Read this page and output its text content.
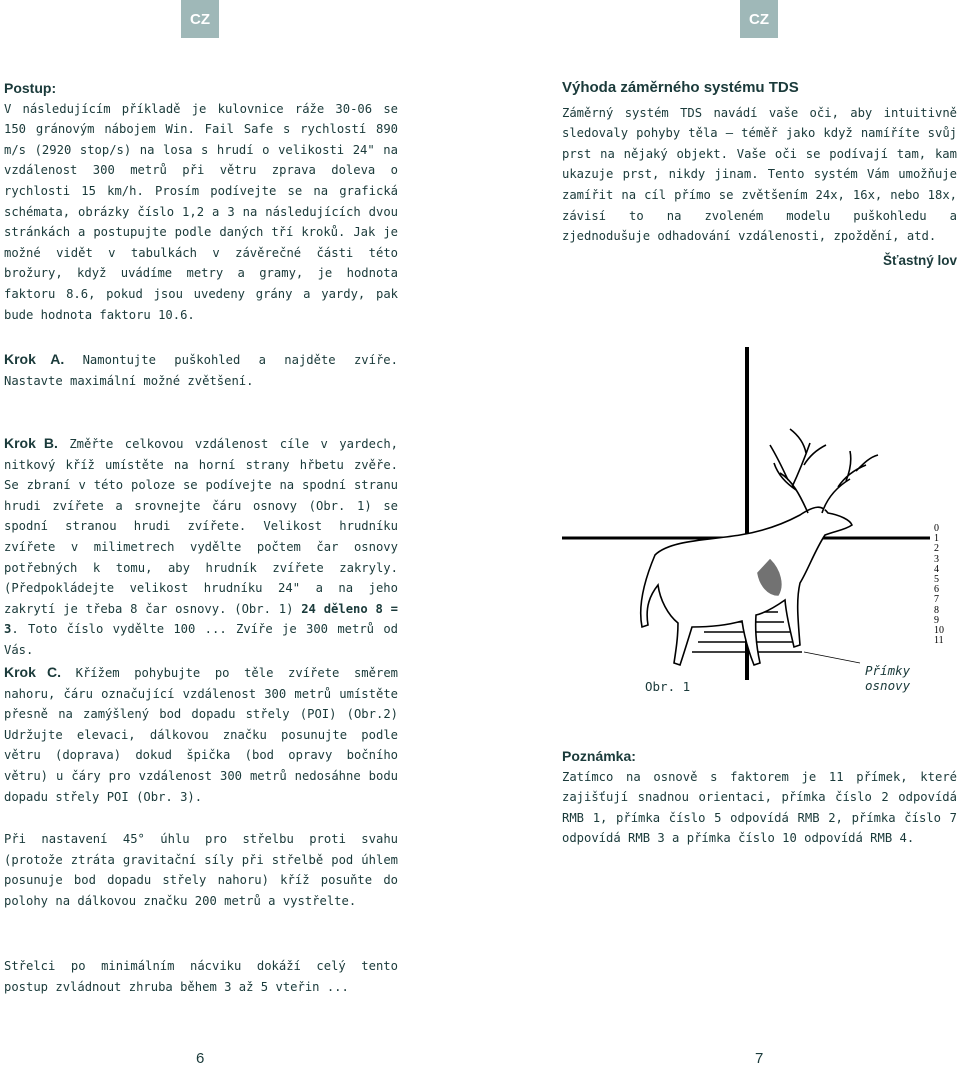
CZ	CZ
Postup:

V následujícím příkladě je kulovnice ráže 30-06 se 150 gránovým nábojem Win. Fail Safe s rychlostí 890 m/s (2920 stop/s) na losa s hrudí o velikosti 24" na vzdálenost 300 metrů při větru zprava doleva o rychlosti 15 km/h. Prosím podívejte se na grafická schémata, obrázky číslo 1,2 a 3 na následujících dvou stránkách a postupujte podle daných tří kroků. Jak je možné vidět v tabulkách v závěrečné části této brožury, když uvádíme metry a gramy, je hodnota faktoru 8.6, pokud jsou uvedeny grány a yardy, pak bude hodnota faktoru 10.6.

Krok A. Namontujte puškohled a najděte zvíře. Nastavte maximální možné zvětšení.

Krok B. Změřte celkovou vzdálenost cíle v yardech, nitkový kříž umístěte na horní strany hřbetu zvěře. Se zbraní v této poloze se podívejte na spodní stranu hrudi zvířete a srovnejte čáru osnovy (Obr. 1) se spodní stranou hrudi zvířete. Velikost hrudníku zvířete v milimetrech vydělte počtem čar osnovy potřebných k tomu, aby hrudník zvířete zakryly. (Předpokládejte velikost hrudníku 24" a na jeho zakrytí je třeba 8 čar osnovy. (Obr. 1) 24 děleno 8 = 3. Toto číslo vydělte 100 ... Zvíře je 300 metrů od Vás.

Krok C. Křížem pohybujte po těle zvířete směrem nahoru, čáru označující vzdálenost 300 metrů umístěte přesně na zamýšlený bod dopadu střely (POI) (Obr.2) Udržujte elevaci, dálkovou značku posunujte podle větru (doprava) dokud špička (bod opravy bočního větru) u čáry pro vzdálenost 300 metrů nedosáhne bodu dopadu střely POI (Obr. 3).

Při nastavení 45° úhlu pro střelbu proti svahu (protože ztráta gravitační síly při střelbě pod úhlem posunuje bod dopadu střely nahoru) kříž posuňte do polohy na dálkovou značku 200 metrů a vystřelte.

Střelci po minimálním nácviku dokáží celý tento postup zvládnout zhruba během 3 až 5 vteřin ...

Výhoda záměrného systému TDS

Záměrný systém TDS navádí vaše oči, aby intuitivně sledovaly pohyby těla – téměř jako když namíříte svůj prst na nějaký objekt. Vaše oči se podívají tam, kam ukazuje prst, nikdy jinam. Tento systém Vám umožňuje zamířit na cíl přímo se zvětšením 24x, 16x, nebo 18x, závisí to na zvoleném modelu puškohledu a zjednodušuje odhadování vzdálenosti, zpoždění, atd.

Šťastný lov
0
1
2
3
4
5
6
7
8
9
10
11
Přímky osnovy
Obr. 1
Poznámka:

Zatímco na osnově s faktorem je 11 přímek, které zajišťují snadnou orientaci, přímka číslo 2 odpovídá RMB 1, přímka číslo 5 odpovídá RMB 2, přímka číslo 7 odpovídá RMB 3 a přímka číslo 10 odpovídá RMB 4.

6	7
